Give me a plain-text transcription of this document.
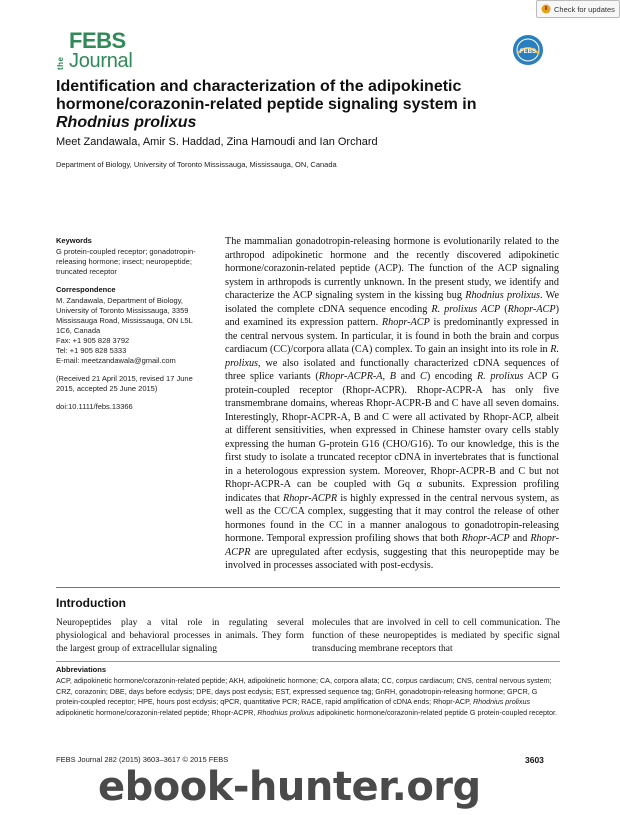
Check for updates
the
FEBS
Journal	FEBS
Identification and characterization of the adipokinetic
hormone/corazonin-related peptide signaling system in
Rhodnius prolixus
Meet Zandawala, Amir S. Haddad, Zina Hamoudi and Ian Orchard
Department of Biology, University of Toronto Mississauga, Mississauga, ON, Canada
Keywords
G protein-coupled receptor; gonadotropin-releasing hormone; insect; neuropeptide; truncated receptor
Correspondence
M. Zandawala, Department of Biology,
University of Toronto Mississauga, 3359
Mississauga Road, Mississauga, ON L5L
1C6, Canada
Fax: +1 905 828 3792
Tel: +1 905 828 5333
E-mail: meetzandawala@gmail.com
(Received 21 April 2015, revised 17 June 2015, accepted 25 June 2015)
doi:10.1111/febs.13366
The mammalian gonadotropin-releasing hormone is evolutionarily related to the arthropod adipokinetic hormone and the recently discovered adipokinetic hormone/corazonin-related peptide (ACP). The function of the ACP signaling system in arthropods is currently unknown. In the present study, we identify and characterize the ACP signaling system in the kissing bug Rhodnius prolixus. We isolated the complete cDNA sequence encoding R. prolixus ACP (Rhopr-ACP) and examined its expression pattern. Rhopr-ACP is predominantly expressed in the central nervous system. In particular, it is found in both the brain and corpus cardiacum (CC)/corpora allata (CA) complex. To gain an insight into its role in R. prolixus, we also isolated and functionally characterized cDNA sequences of three splice variants (Rhopr-ACPR-A, B and C) encoding R. prolixus ACP G protein-coupled receptor (Rhopr-ACPR). Rhopr-ACPR-A has only five transmembrane domains, whereas Rhopr-ACPR-B and C have all seven domains. Interestingly, Rhopr-ACPR-A, B and C were all activated by Rhopr-ACP, albeit at different sensitivities, when expressed in Chinese hamster ovary cells stably expressing the human G-protein G16 (CHO/G16). To our knowledge, this is the first study to isolate a truncated receptor cDNA in invertebrates that is functional in a heterologous expression system. Moreover, Rhopr-ACPR-B and C but not Rhopr-ACPR-A can be coupled with Gq α subunits. Expression profiling indicates that Rhopr-ACPR is highly expressed in the central nervous system, as well as the CC/CA complex, suggesting that it may control the release of other hormones found in the CC in a manner analogous to gonadotropin-releasing hormone. Temporal expression profiling shows that both Rhopr-ACP and Rhopr-ACPR are upregulated after ecdysis, suggesting that this neuropeptide may be involved in processes associated with post-ecdysis.
Introduction
Neuropeptides play a vital role in regulating several physiological and behavioral processes in animals. They form the largest group of extracellular signaling
molecules that are involved in cell to cell communication. The function of these neuropeptides is mediated by specific signal transducing membrane receptors that
Abbreviations
ACP, adipokinetic hormone/corazonin-related peptide; AKH, adipokinetic hormone; CA, corpora allata; CC, corpus cardiacum; CNS, central nervous system; CRZ, corazonin; DBE, days before ecdysis; DPE, days post ecdysis; EST, expressed sequence tag; GnRH, gonadotropin-releasing hormone; GPCR, G protein-coupled receptor; HPE, hours post ecdysis; qPCR, quantitative PCR; RACE, rapid amplification of cDNA ends; Rhopr-ACP, Rhodnius prolixus adipokinetic hormone/corazonin-related peptide; Rhopr-ACPR, Rhodnius prolixus adipokinetic hormone/corazonin-related peptide G protein-coupled receptor.
FEBS Journal 282 (2015) 3603–3617 © 2015 FEBS	3603
ebook-hunter.org
